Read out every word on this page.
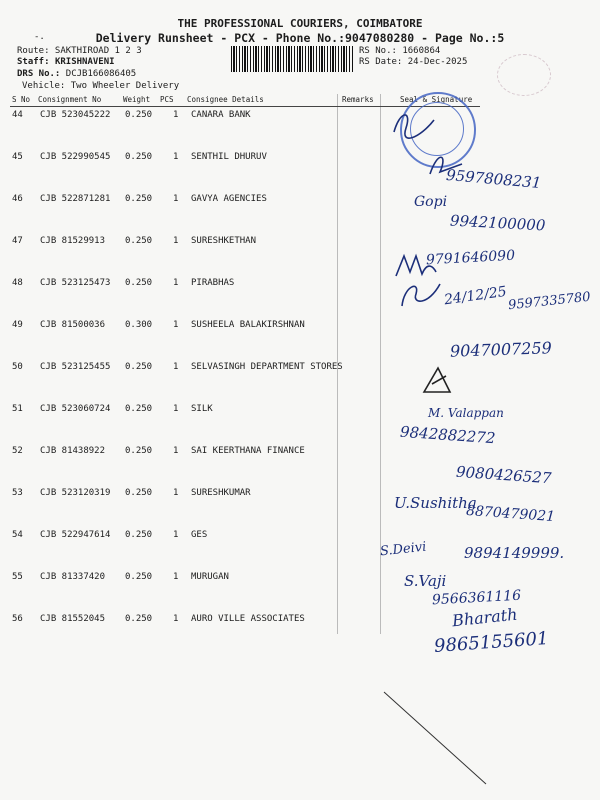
-.
THE PROFESSIONAL COURIERS, COIMBATORE
Delivery Runsheet - PCX - Phone No.:9047080280 - Page No.:5
Route: SAKTHIROAD 1 2 3
Staff: KRISHNAVENI
DRS No.: DCJB166086405
Vehicle: Two Wheeler Delivery
RS No.: 1660864
RS Date: 24-Dec-2025
S No Consignment No	Weight PCS Consignee Details	Remarks	Seal & Signature
44 CJB 523045222 0.250 1 CANARA BANK
45 CJB 522990545 0.250 1 SENTHIL DHURUV
46 CJB 522871281 0.250 1 GAVYA AGENCIES
47 CJB 81529913 0.250 1 SURESHKETHAN
48 CJB 523125473 0.250 1 PIRABHAS
49 CJB 81500036 0.300 1 SUSHEELA BALAKIRSHNAN
50 CJB 523125455 0.250 1 SELVASINGH DEPARTMENT STORES
51 CJB 523060724 0.250 1 SILK
52 CJB 81438922 0.250 1 SAI KEERTHANA FINANCE
53 CJB 523120319 0.250 1 SURESHKUMAR
54 CJB 522947614 0.250 1 GES
55 CJB 81337420 0.250 1 MURUGAN
56 CJB 81552045 0.250 1 AURO VILLE ASSOCIATES
9597808231
Gopi
9942100000
9791646090
24/12/25 9597335780
9047007259
M. Valappan
9842882272
9080426527
U.Sushitha
8870479021
S.Deivi 9894149999.
S.Vaji
9566361116
Bharath
9865155601
